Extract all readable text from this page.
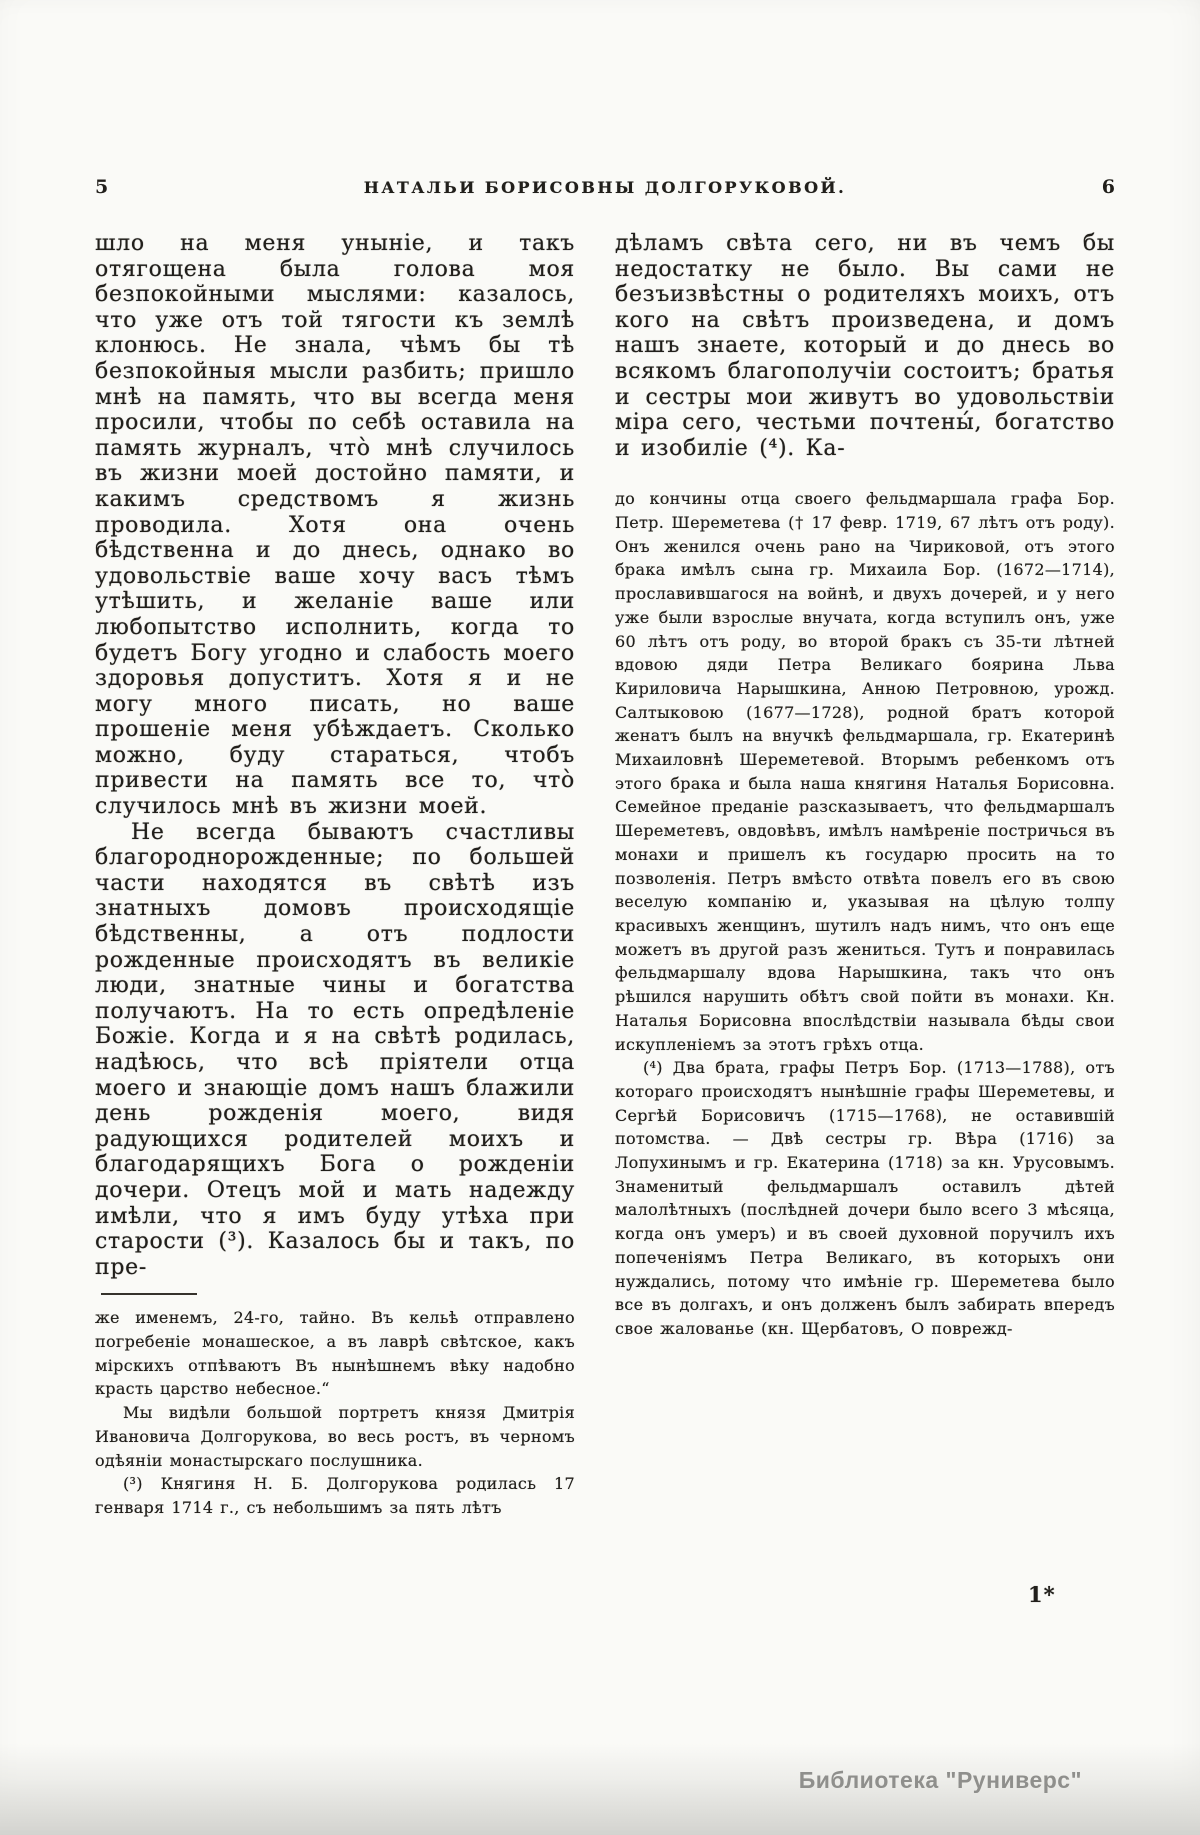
5	НАТАЛЬИ БОРИСОВНЫ ДОЛГОРУКОВОЙ.	6

шло на меня уныніе, и такъ отягощена была голова моя безпокойными мыслями: казалось, что уже отъ той тягости къ землѣ клонюсь. Не знала, чѣмъ бы тѣ безпокойныя мысли разбить; пришло мнѣ на память, что вы всегда меня просили, чтобы по себѣ оставила на память журналъ, что̀ мнѣ случилось въ жизни моей достойно памяти, и какимъ средствомъ я жизнь проводила. Хотя она очень бѣдственна и до днесь, однако во удовольствіе ваше хочу васъ тѣмъ утѣшить, и желаніе ваше или любопытство исполнить, когда то будетъ Богу угодно и слабость моего здоровья допуститъ. Хотя я и не могу много писать, но ваше прошеніе меня убѣждаетъ. Сколько можно, буду стараться, чтобъ привести на память все то, что̀ случилось мнѣ въ жизни моей.

Не всегда бываютъ счастливы благороднорожденные; по большей части находятся въ свѣтѣ изъ знатныхъ домовъ происходящіе бѣдственны, а отъ подлости рожденные происходятъ въ великіе люди, знатные чины и богатства получаютъ. На то есть опредѣленіе Божіе. Когда и я на свѣтѣ родилась, надѣюсь, что всѣ пріятели отца моего и знающіе домъ нашъ блажили день рожденія моего, видя радующихся родителей моихъ и благодарящихъ Бога о рожденіи дочери. Отецъ мой и мать надежду имѣли, что я имъ буду утѣха при старости (³). Казалось бы и такъ, по пре-

же именемъ, 24-го, тайно. Въ кельѣ отправлено погребеніе монашеское, а въ лаврѣ свѣтское, какъ мірскихъ отпѣваютъ Въ нынѣшнемъ вѣку надобно красть царство небесное.“

Мы видѣли большой портретъ князя Дмитрія Ивановича Долгорукова, во весь ростъ, въ черномъ одѣяніи монастырскаго послушника.

(³) Княгиня Н. Б. Долгорукова родилась 17 генваря 1714 г., съ небольшимъ за пять лѣтъ

дѣламъ свѣта сего, ни въ чемъ бы недостатку не было. Вы сами не безъизвѣстны о родителяхъ моихъ, отъ кого на свѣтъ произведена, и домъ нашъ знаете, который и до днесь во всякомъ благополучіи состоитъ; братья и сестры мои живутъ во удовольствіи міра сего, честьми почтены́, богатство и изобиліе (⁴). Ка-

до кончины отца своего фельдмаршала графа Бор. Петр. Шереметева († 17 февр. 1719, 67 лѣтъ отъ роду). Онъ женился очень рано на Чириковой, отъ этого брака имѣлъ сына гр. Михаила Бор. (1672—1714), прославившагося на войнѣ, и двухъ дочерей, и у него уже были взрослые внучата, когда вступилъ онъ, уже 60 лѣтъ отъ роду, во второй бракъ съ 35-ти лѣтней вдовою дяди Петра Великаго боярина Льва Кириловича Нарышкина, Анною Петровною, урожд. Салтыковою (1677—1728), родной братъ которой женатъ былъ на внучкѣ фельдмаршала, гр. Екатеринѣ Михаиловнѣ Шереметевой. Вторымъ ребенкомъ отъ этого брака и была наша княгиня Наталья Борисовна. Семейное преданіе разсказываетъ, что фельдмаршалъ Шереметевъ, овдовѣвъ, имѣлъ намѣреніе постричься въ монахи и пришелъ къ государю просить на то позволенія. Петръ вмѣсто отвѣта повелъ его въ свою веселую компанію и, указывая на цѣлую толпу красивыхъ женщинъ, шутилъ надъ нимъ, что онъ еще можетъ въ другой разъ жениться. Тутъ и понравилась фельдмаршалу вдова Нарышкина, такъ что онъ рѣшился нарушить обѣтъ свой пойти въ монахи. Кн. Наталья Борисовна впослѣдствіи называла бѣды свои искупленіемъ за этотъ грѣхъ отца.

(⁴) Два брата, графы Петръ Бор. (1713—1788), отъ котораго происходятъ нынѣшніе графы Шереметевы, и Сергѣй Борисовичъ (1715—1768), не оставившій потомства. — Двѣ сестры гр. Вѣра (1716) за Лопухинымъ и гр. Екатерина (1718) за кн. Урусовымъ. Знаменитый фельдмаршалъ оставилъ дѣтей малолѣтныхъ (послѣдней дочери было всего 3 мѣсяца, когда онъ умеръ) и въ своей духовной поручилъ ихъ попеченіямъ Петра Великаго, въ которыхъ они нуждались, потому что имѣніе гр. Шереметева было все въ долгахъ, и онъ долженъ былъ забирать впередъ свое жалованье (кн. Щербатовъ, О поврежд-

1*
Библиотека "Руниверс"
